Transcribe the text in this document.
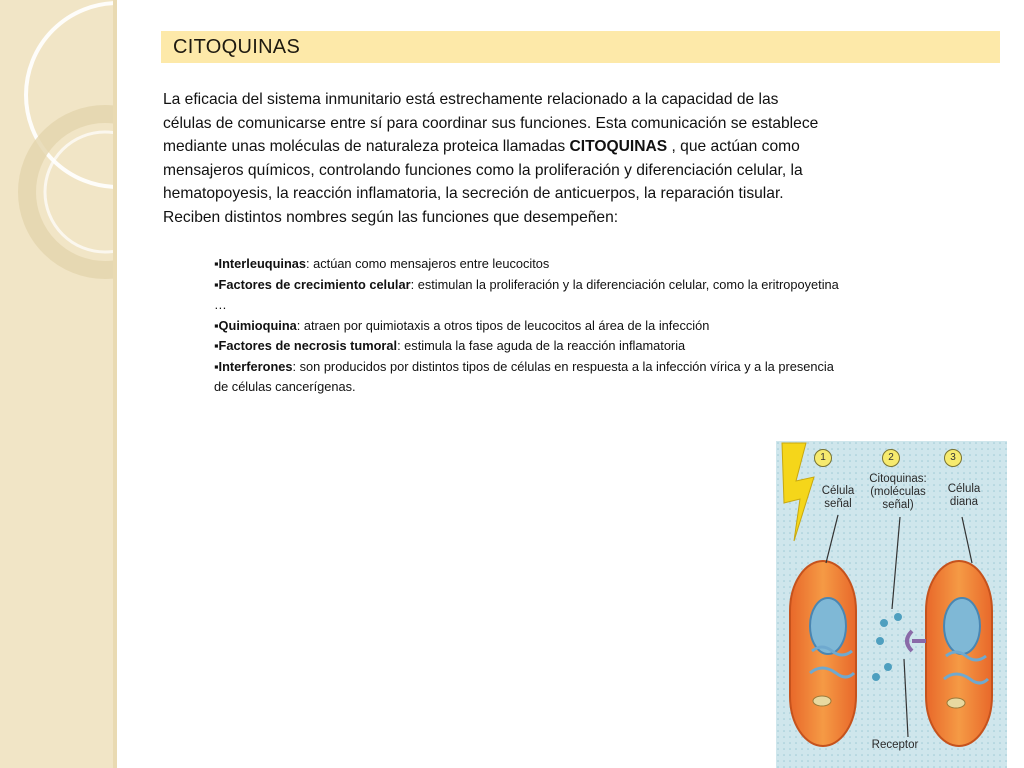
CITOQUINAS
La eficacia del sistema inmunitario está estrechamente relacionado a la capacidad de las células de comunicarse entre sí para coordinar sus funciones. Esta comunicación se establece mediante unas moléculas de naturaleza proteica llamadas CITOQUINAS , que actúan como mensajeros químicos, controlando funciones como la proliferación y diferenciación celular, la hematopoyesis, la reacción inflamatoria, la secreción de anticuerpos, la reparación tisular. Reciben distintos nombres según las funciones que desempeñen:

▪Interleuquinas: actúan como mensajeros entre leucocitos

▪Factores de crecimiento celular: estimulan la proliferación y la diferenciación celular, como la eritropoyetina …

▪Quimioquina: atraen por quimiotaxis a otros tipos de leucocitos al área de la infección

▪Factores de necrosis tumoral: estimula la fase aguda de la reacción inflamatoria

▪Interferones: son producidos por distintos tipos de células en respuesta a la infección vírica y a la presencia de células cancerígenas.

1	2	3
Célula
señal
Citoquinas:
(moléculas
señal)
Célula
diana
Receptor
